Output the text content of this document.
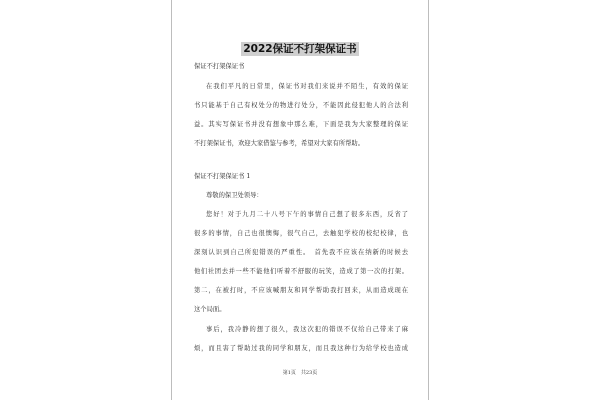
2022保证不打架保证书
保证不打架保证书
在我们平凡的日常里，保证书对我们来说并不陌生，有效的保证
书只能基于自己有权处分的物进行处分，不能因此侵犯他人的合法利
益。其实写保证书并没有想象中那么难，下面是我为大家整理的保证
不打架保证书，欢迎大家借鉴与参考，希望对大家有所帮助。
保证不打架保证书 1
尊敬的保卫处领导：
您好！对于九月二十八号下午的事情自己想了很多东西，反省了
很多的事情，自己也很懊悔，很气自己，去触犯学校的校纪校律，也
深刻认识到自己所犯错误的严重性。　首先我不应该在纳新的时候去
他们社团去并一些不能他们听着不舒服的玩笑，造成了第一次的打架。
第二，在被打时，不应该喊朋友和同学帮助我打回来，从而造成现在
这个局面。
事后，我冷静的想了很久，我这次犯的错误不仅给自己带来了麻
烦，而且害了帮助过我的同学和朋友，而且我这种行为给学校也造成
第1页　共23页
